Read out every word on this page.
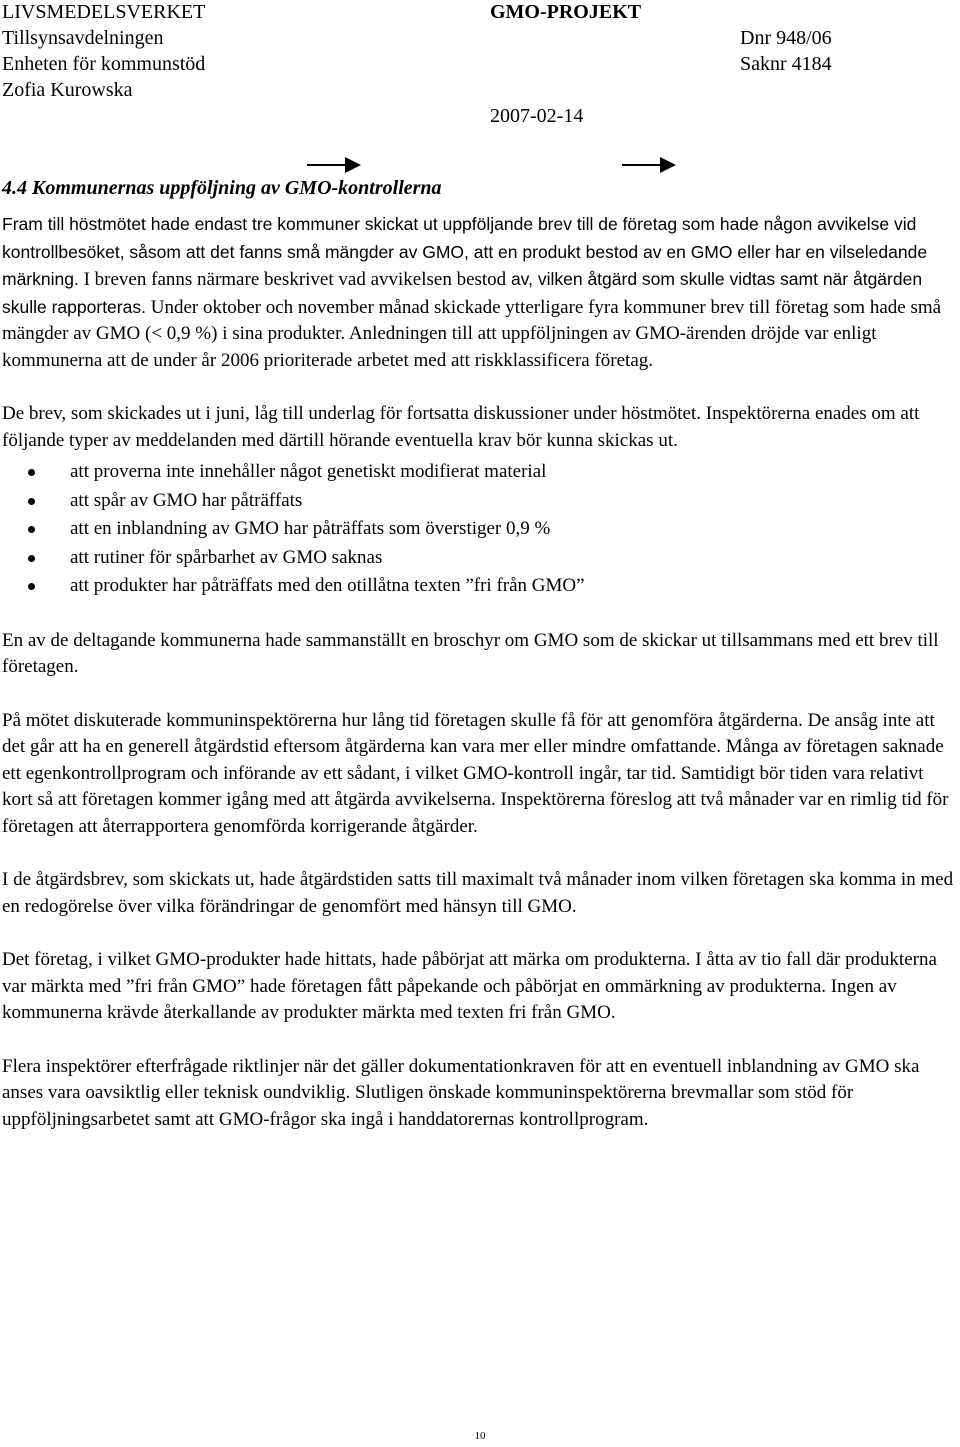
LIVSMEDELSVERKET
Tillsynsavdelningen
Enheten för kommunstöd
Zofia Kurowska
GMO-PROJEKT
Dnr 948/06
Saknr 4184
2007-02-14
4.4 Kommunernas uppföljning av GMO-kontrollerna

Fram till höstmötet hade endast tre kommuner skickat ut uppföljande brev till de företag som hade någon avvikelse vid kontrollbesöket, såsom att det fanns små mängder av GMO, att en produkt bestod av en GMO eller har en vilseledande märkning. I breven fanns närmare beskrivet vad avvikelsen bestod av, vilken åtgärd som skulle vidtas samt när åtgärden skulle rapporteras. Under oktober och november månad skickade ytterligare fyra kommuner brev till företag som hade små mängder av GMO (< 0,9 %) i sina produkter. Anledningen till att uppföljningen av GMO-ärenden dröjde var enligt kommunerna att de under år 2006 prioriterade arbetet med att riskklassificera företag.

De brev, som skickades ut i juni, låg till underlag för fortsatta diskussioner under höstmötet. Inspektörerna enades om att följande typer av meddelanden med därtill hörande eventuella krav bör kunna skickas ut.

att proverna inte innehåller något genetiskt modifierat material
att spår av GMO har påträffats
att en inblandning av GMO har påträffats som överstiger 0,9 %
att rutiner för spårbarhet av GMO saknas
att produkter har påträffats med den otillåtna texten ”fri från GMO”

En av de deltagande kommunerna hade sammanställt en broschyr om GMO som de skickar ut tillsammans med ett brev till företagen.

På mötet diskuterade kommuninspektörerna hur lång tid företagen skulle få för att genomföra åtgärderna. De ansåg inte att det går att ha en generell åtgärdstid eftersom åtgärderna kan vara mer eller mindre omfattande. Många av företagen saknade ett egenkontrollprogram och införande av ett sådant, i vilket GMO-kontroll ingår, tar tid. Samtidigt bör tiden vara relativt kort så att företagen kommer igång med att åtgärda avvikelserna. Inspektörerna föreslog att två månader var en rimlig tid för företagen att återrapportera genomförda korrigerande åtgärder.

I de åtgärdsbrev, som skickats ut, hade åtgärdstiden satts till maximalt två månader inom vilken företagen ska komma in med en redogörelse över vilka förändringar de genomfört med hänsyn till GMO.

Det företag, i vilket GMO-produkter hade hittats, hade påbörjat att märka om produkterna. I åtta av tio fall där produkterna var märkta med ”fri från GMO” hade företagen fått påpekande och påbörjat en ommärkning av produkterna. Ingen av kommunerna krävde återkallande av produkter märkta med texten fri från GMO.

Flera inspektörer efterfrågade riktlinjer när det gäller dokumentationkraven för att en eventuell inblandning av GMO ska anses vara oavsiktlig eller teknisk oundviklig. Slutligen önskade kommuninspektörerna brevmallar som stöd för uppföljningsarbetet samt att GMO-frågor ska ingå i handdatorernas kontrollprogram.

10
